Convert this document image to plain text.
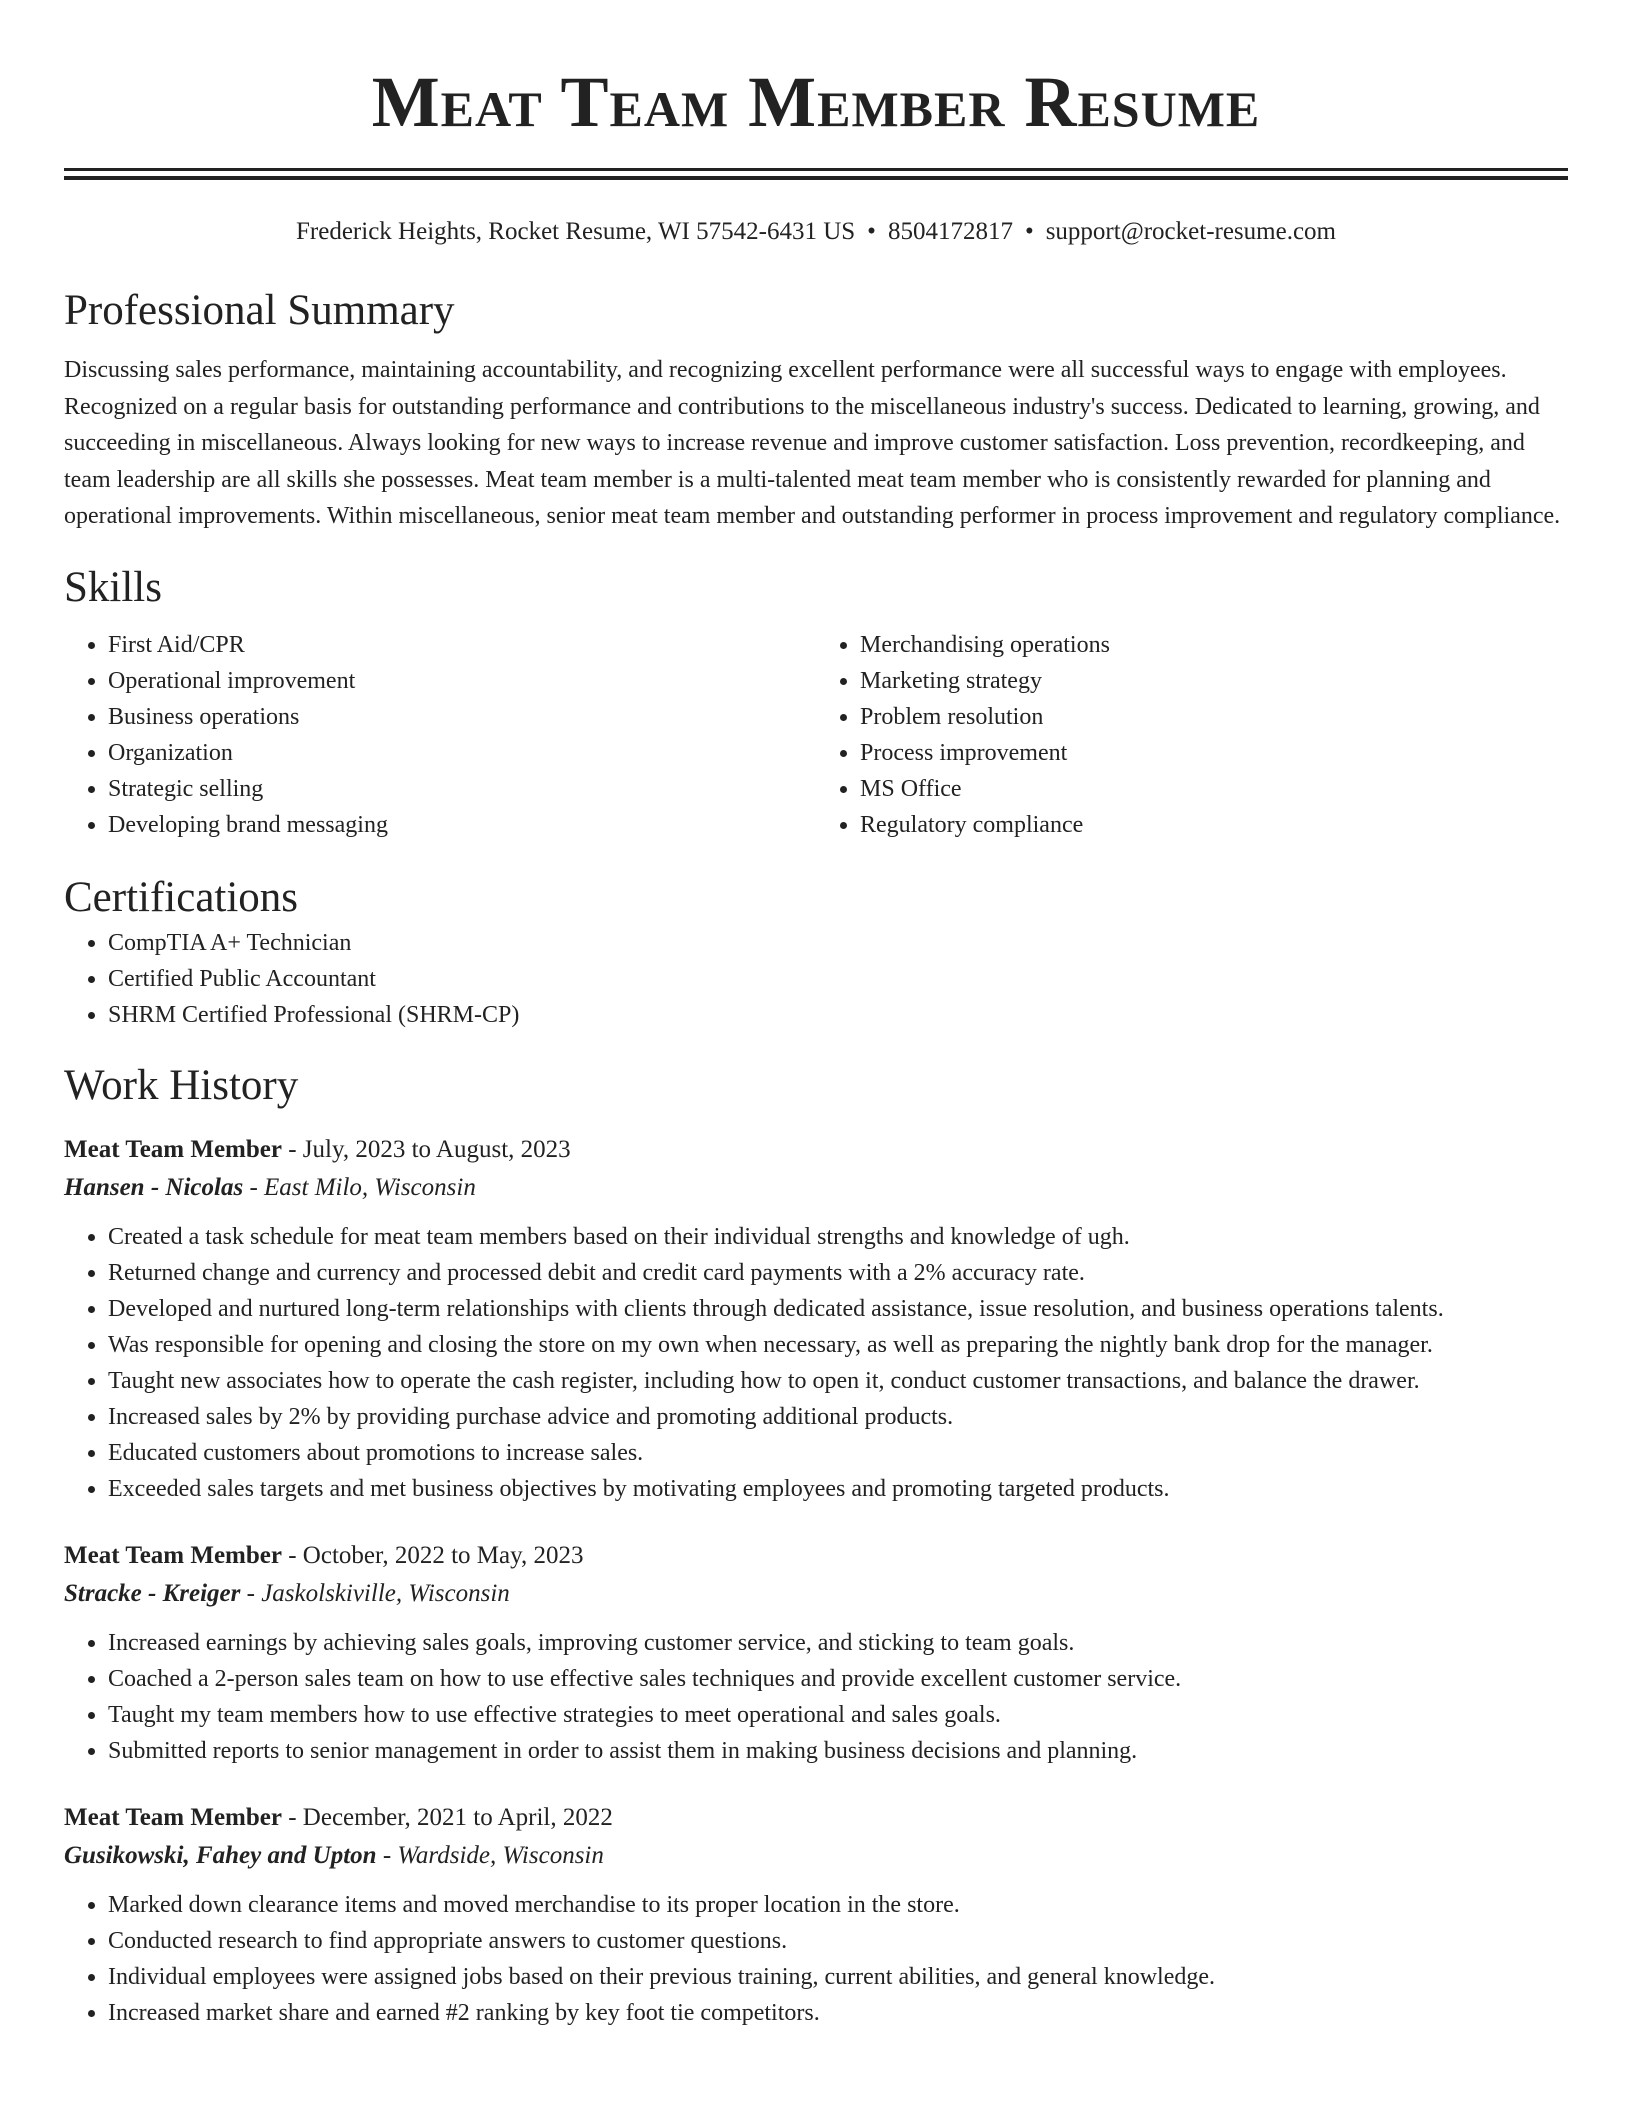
Meat Team Member Resume
Frederick Heights, Rocket Resume, WI 57542-6431 US • 8504172817 • support@rocket-resume.com
Professional Summary

Discussing sales performance, maintaining accountability, and recognizing excellent performance were all successful ways to engage with employees. Recognized on a regular basis for outstanding performance and contributions to the miscellaneous industry's success. Dedicated to learning, growing, and succeeding in miscellaneous. Always looking for new ways to increase revenue and improve customer satisfaction. Loss prevention, recordkeeping, and team leadership are all skills she possesses. Meat team member is a multi-talented meat team member who is consistently rewarded for planning and operational improvements. Within miscellaneous, senior meat team member and outstanding performer in process improvement and regulatory compliance.

Skills
• First Aid/CPR
• Operational improvement
• Business operations
• Organization
• Strategic selling
• Developing brand messaging
• Merchandising operations
• Marketing strategy
• Problem resolution
• Process improvement
• MS Office
• Regulatory compliance
Certifications
• CompTIA A+ Technician
• Certified Public Accountant
• SHRM Certified Professional (SHRM-CP)
Work History
Meat Team Member - July, 2023 to August, 2023
Hansen - Nicolas - East Milo, Wisconsin
• Created a task schedule for meat team members based on their individual strengths and knowledge of ugh.
• Returned change and currency and processed debit and credit card payments with a 2% accuracy rate.
• Developed and nurtured long-term relationships with clients through dedicated assistance, issue resolution, and business operations talents.
• Was responsible for opening and closing the store on my own when necessary, as well as preparing the nightly bank drop for the manager.
• Taught new associates how to operate the cash register, including how to open it, conduct customer transactions, and balance the drawer.
• Increased sales by 2% by providing purchase advice and promoting additional products.
• Educated customers about promotions to increase sales.
• Exceeded sales targets and met business objectives by motivating employees and promoting targeted products.
Meat Team Member - October, 2022 to May, 2023
Stracke - Kreiger - Jaskolskiville, Wisconsin
• Increased earnings by achieving sales goals, improving customer service, and sticking to team goals.
• Coached a 2-person sales team on how to use effective sales techniques and provide excellent customer service.
• Taught my team members how to use effective strategies to meet operational and sales goals.
• Submitted reports to senior management in order to assist them in making business decisions and planning.
Meat Team Member - December, 2021 to April, 2022
Gusikowski, Fahey and Upton - Wardside, Wisconsin
• Marked down clearance items and moved merchandise to its proper location in the store.
• Conducted research to find appropriate answers to customer questions.
• Individual employees were assigned jobs based on their previous training, current abilities, and general knowledge.
• Increased market share and earned #2 ranking by key foot tie competitors.
